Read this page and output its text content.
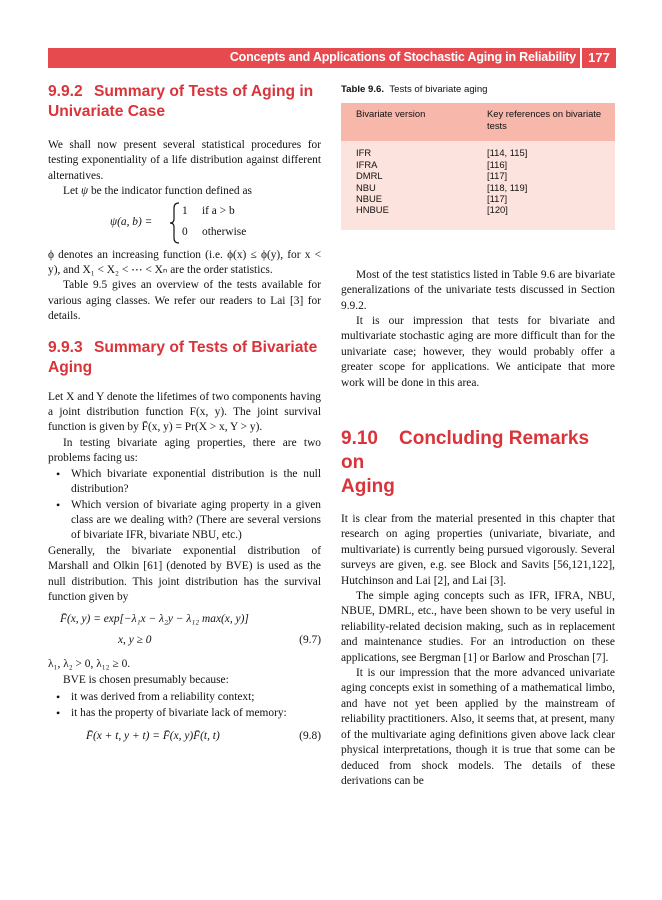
Concepts and Applications of Stochastic Aging in Reliability 177
9.9.2 Summary of Tests of Aging in
Univariate Case

We shall now present several statistical procedures for testing exponentiality of a life distribution against different alternatives.

Let ψ be the indicator function defined as

ψ(a, b) =
1 if a > b
0 otherwise

ϕ denotes an increasing function (i.e. ϕ(x) ≤ ϕ(y), for x < y), and X₁ < X₂ < ⋯ < Xₙ are the order statistics.

Table 9.5 gives an overview of the tests available for various aging classes. We refer our readers to Lai [3] for details.

9.9.3 Summary of Tests of Bivariate
Aging

Let X and Y denote the lifetimes of two components having a joint distribution function F(x, y). The joint survival function is given by F̄(x, y) = Pr(X > x, Y > y).

In testing bivariate aging properties, there are two problems facing us:

• Which bivariate exponential distribution is the null distribution?
• Which version of bivariate aging property in a given class are we dealing with? (There are several versions of bivariate IFR, bivariate NBU, etc.)

Generally, the bivariate exponential distribution of Marshall and Olkin [61] (denoted by BVE) is used as the null distribution. This joint distribution has the survival function given by

F̄(x, y) = exp[−λ₁x − λ₂y − λ₁₂ max(x, y)]
x, y ≥ 0	(9.7)

λ₁, λ₂ > 0, λ₁₂ ≥ 0.

BVE is chosen presumably because:

• it was derived from a reliability context;
• it has the property of bivariate lack of memory:
F̄(x + t, y + t) = F̄(x, y)F̄(t, t)	(9.8)
Table 9.6. Tests of bivariate aging
Bivariate version	Key references on bivariate tests
IFR	[114, 115]
IFRA	[116]
DMRL	[117]
NBU	[118, 119]
NBUE	[117]
HNBUE	[120]

Most of the test statistics listed in Table 9.6 are bivariate generalizations of the univariate tests discussed in Section 9.9.2.

It is our impression that tests for bivariate and multivariate stochastic aging are more difficult than for the univariate case; however, they would probably offer a greater scope for applications. We anticipate that more work will be done in this area.

9.10 Concluding Remarks on
Aging

It is clear from the material presented in this chapter that research on aging properties (univariate, bivariate, and multivariate) is currently being pursued vigorously. Several surveys are given, e.g. see Block and Savits [56,121,122], Hutchinson and Lai [2], and Lai [3].

The simple aging concepts such as IFR, IFRA, NBU, NBUE, DMRL, etc., have been shown to be very useful in reliability-related decision making, such as in replacement and maintenance studies. For an introduction on these applications, see Bergman [1] or Barlow and Proschan [7].

It is our impression that the more advanced univariate aging concepts exist in something of a mathematical limbo, and have not yet been applied by the mainstream of reliability practitioners. Also, it seems that, at present, many of the multivariate aging definitions given above lack clear physical interpretations, though it is true that some can be deduced from shock models. The details of these derivations can be
